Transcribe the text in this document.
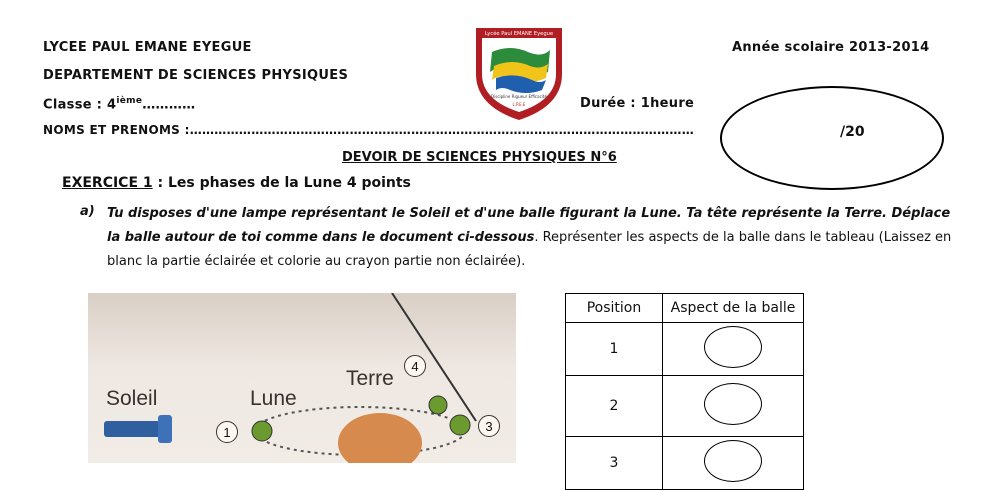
LYCEE PAUL EMANE EYEGUE
DEPARTEMENT DE SCIENCES PHYSIQUES
Classe : 4ième…………
NOMS ET PRENOMS :……………………………………………………………………………………………………………
Année scolaire 2013-2014
Durée : 1heure
/20
Lycée Paul EMANE Eyegue
Discipline Rigueur Efficacité
L.P.E.E
DEVOIR DE SCIENCES PHYSIQUES N°6
EXERCICE 1 : Les phases de la Lune 4 points
a) Tu disposes d'une lampe représentant le Soleil et d'une balle figurant la Lune. Ta tête représente la Terre. Déplace la balle autour de toi comme dans le document ci-dessous. Représenter les aspects de la balle dans le tableau (Laissez en blanc la partie éclairée et colorie au crayon partie non éclairée).
Soleil	Lune
Terre
1	3
4
Position	Aspect de la balle
1	
2	
3	
